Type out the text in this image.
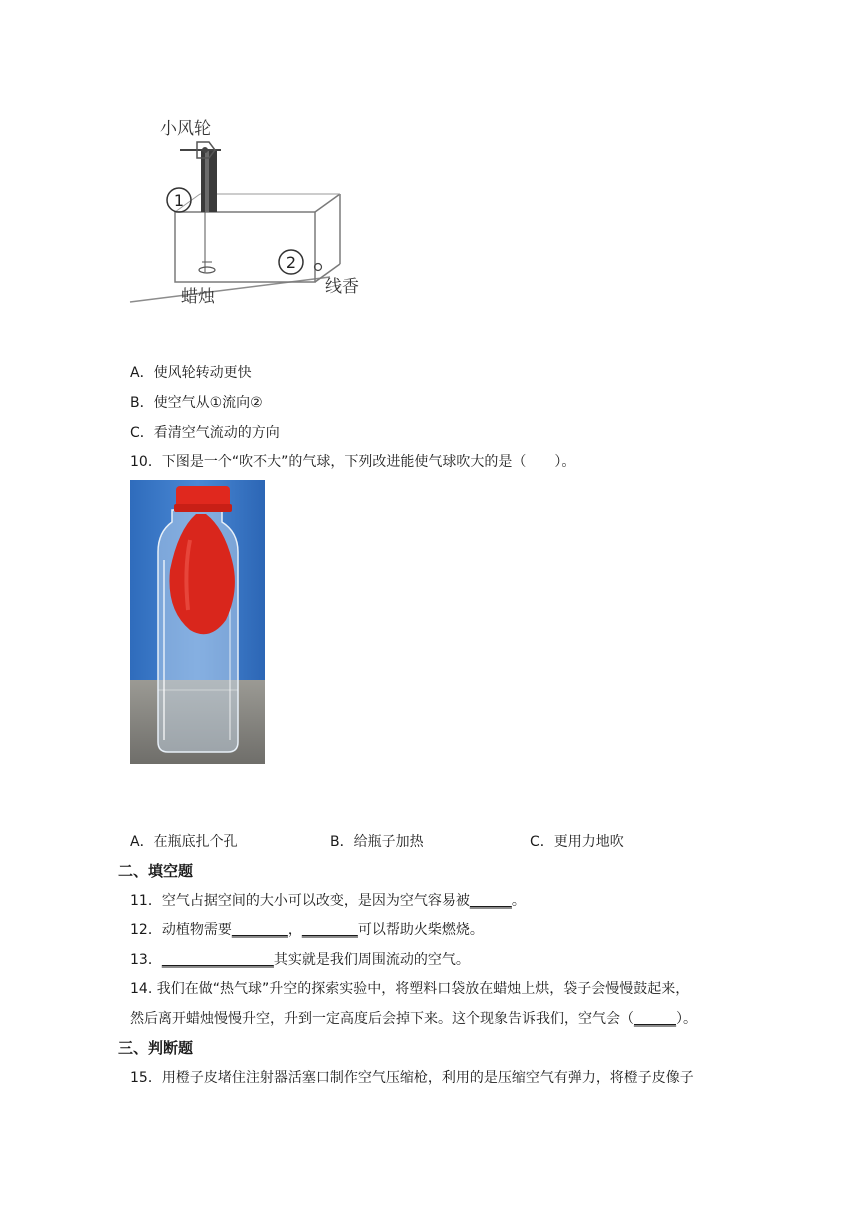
1
2
小风轮
蜡烛	线香
A．使风轮转动更快
B．使空气从①流向②
C．看清空气流动的方向
10．下图是一个“吹不大”的气球，下列改进能使气球吹大的是（　　）。
A．在瓶底扎个孔	B．给瓶子加热	C．更用力地吹
二、填空题
11．空气占据空间的大小可以改变，是因为空气容易被______。
12．动植物需要________，________可以帮助火柴燃烧。
13．________________其实就是我们周围流动的空气。
14. 我们在做“热气球”升空的探索实验中，将塑料口袋放在蜡烛上烘，袋子会慢慢鼓起来，
然后离开蜡烛慢慢升空，升到一定高度后会掉下来。这个现象告诉我们，空气会（______）。
三、判断题
15．用橙子皮堵住注射器活塞口制作空气压缩枪，利用的是压缩空气有弹力，将橙子皮像子
